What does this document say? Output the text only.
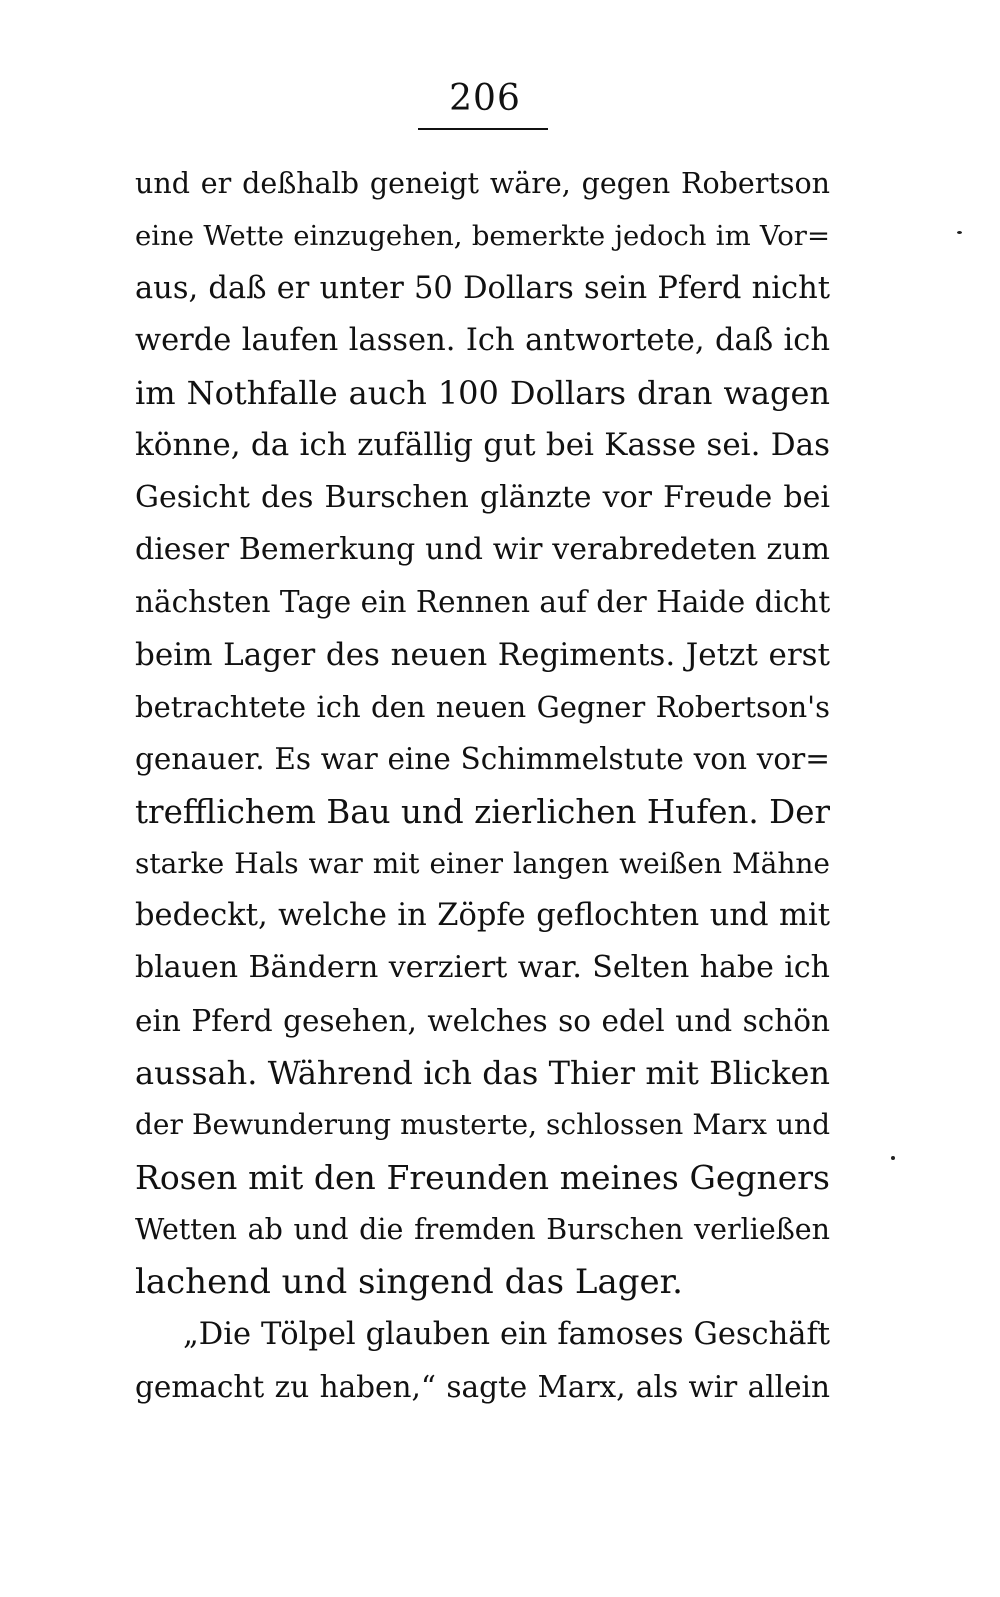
206
und er deßhalb geneigt wäre, gegen Robertson
eine Wette einzugehen, bemerkte jedoch im Vor=
aus, daß er unter 50 Dollars sein Pferd nicht
werde laufen lassen. Ich antwortete, daß ich
im Nothfalle auch 100 Dollars dran wagen
könne, da ich zufällig gut bei Kasse sei. Das
Gesicht des Burschen glänzte vor Freude bei
dieser Bemerkung und wir verabredeten zum
nächsten Tage ein Rennen auf der Haide dicht
beim Lager des neuen Regiments. Jetzt erst
betrachtete ich den neuen Gegner Robertson's
genauer. Es war eine Schimmelstute von vor=
trefflichem Bau und zierlichen Hufen. Der
starke Hals war mit einer langen weißen Mähne
bedeckt, welche in Zöpfe geflochten und mit
blauen Bändern verziert war. Selten habe ich
ein Pferd gesehen, welches so edel und schön
aussah. Während ich das Thier mit Blicken
der Bewunderung musterte, schlossen Marx und
Rosen mit den Freunden meines Gegners
Wetten ab und die fremden Burschen verließen
lachend und singend das Lager.
„Die Tölpel glauben ein famoses Geschäft
gemacht zu haben,“ sagte Marx, als wir allein
